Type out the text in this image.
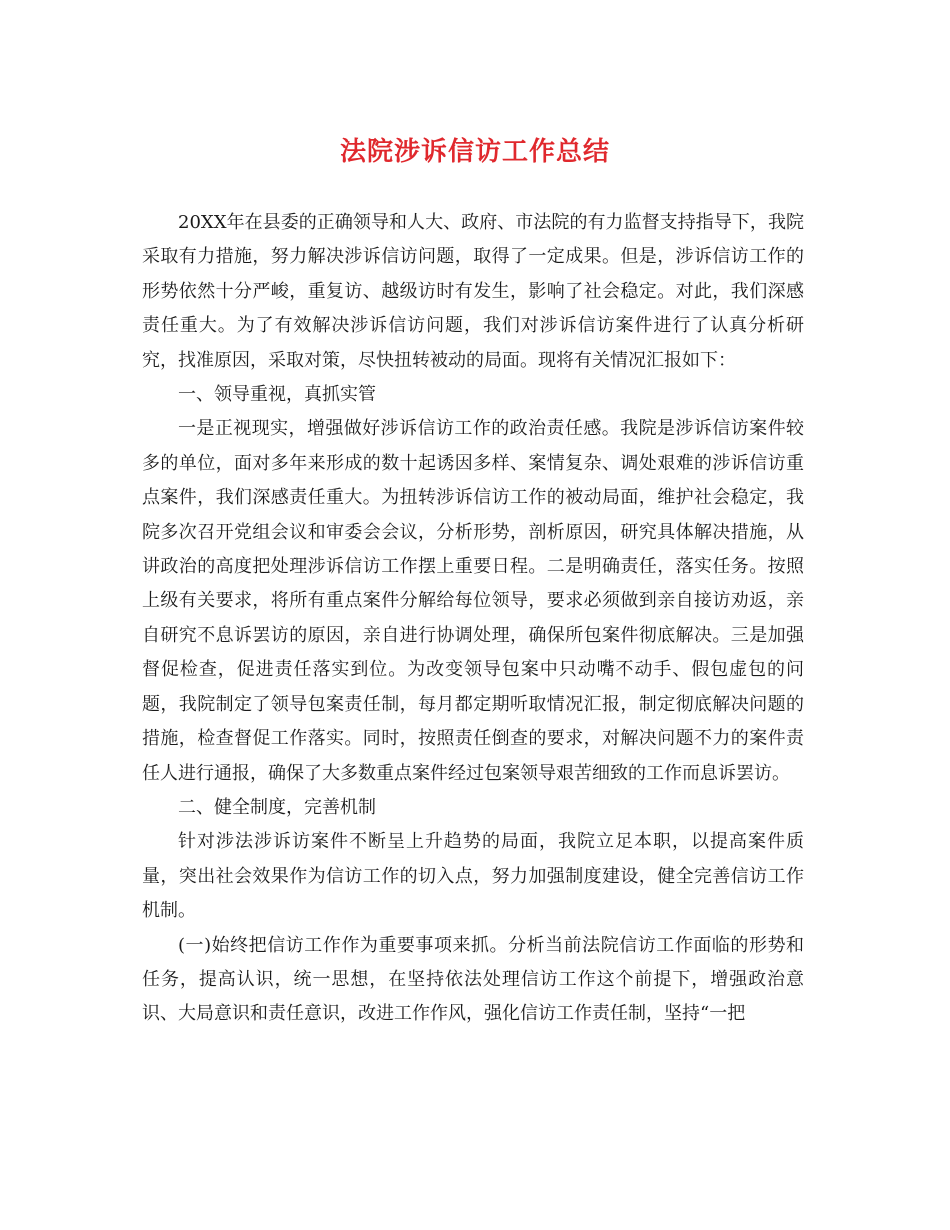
法院涉诉信访工作总结

20XX年在县委的正确领导和人大、政府、市法院的有力监督支持指导下，我院采取有力措施，努力解决涉诉信访问题，取得了一定成果。但是，涉诉信访工作的形势依然十分严峻，重复访、越级访时有发生，影响了社会稳定。对此，我们深感责任重大。为了有效解决涉诉信访问题，我们对涉诉信访案件进行了认真分析研究，找准原因，采取对策，尽快扭转被动的局面。现将有关情况汇报如下：

一、领导重视，真抓实管

一是正视现实，增强做好涉诉信访工作的政治责任感。我院是涉诉信访案件较多的单位，面对多年来形成的数十起诱因多样、案情复杂、调处艰难的涉诉信访重点案件，我们深感责任重大。为扭转涉诉信访工作的被动局面，维护社会稳定，我院多次召开党组会议和审委会会议，分析形势，剖析原因，研究具体解决措施，从讲政治的高度把处理涉诉信访工作摆上重要日程。二是明确责任，落实任务。按照上级有关要求，将所有重点案件分解给每位领导，要求必须做到亲自接访劝返，亲自研究不息诉罢访的原因，亲自进行协调处理，确保所包案件彻底解决。三是加强督促检查，促进责任落实到位。为改变领导包案中只动嘴不动手、假包虚包的问题，我院制定了领导包案责任制，每月都定期听取情况汇报，制定彻底解决问题的措施，检查督促工作落实。同时，按照责任倒查的要求，对解决问题不力的案件责任人进行通报，确保了大多数重点案件经过包案领导艰苦细致的工作而息诉罢访。

二、健全制度，完善机制

针对涉法涉诉访案件不断呈上升趋势的局面，我院立足本职，以提高案件质量，突出社会效果作为信访工作的切入点，努力加强制度建设，健全完善信访工作机制。

(一)始终把信访工作作为重要事项来抓。分析当前法院信访工作面临的形势和任务，提高认识，统一思想，在坚持依法处理信访工作这个前提下，增强政治意识、大局意识和责任意识，改进工作作风，强化信访工作责任制，坚持“一把
